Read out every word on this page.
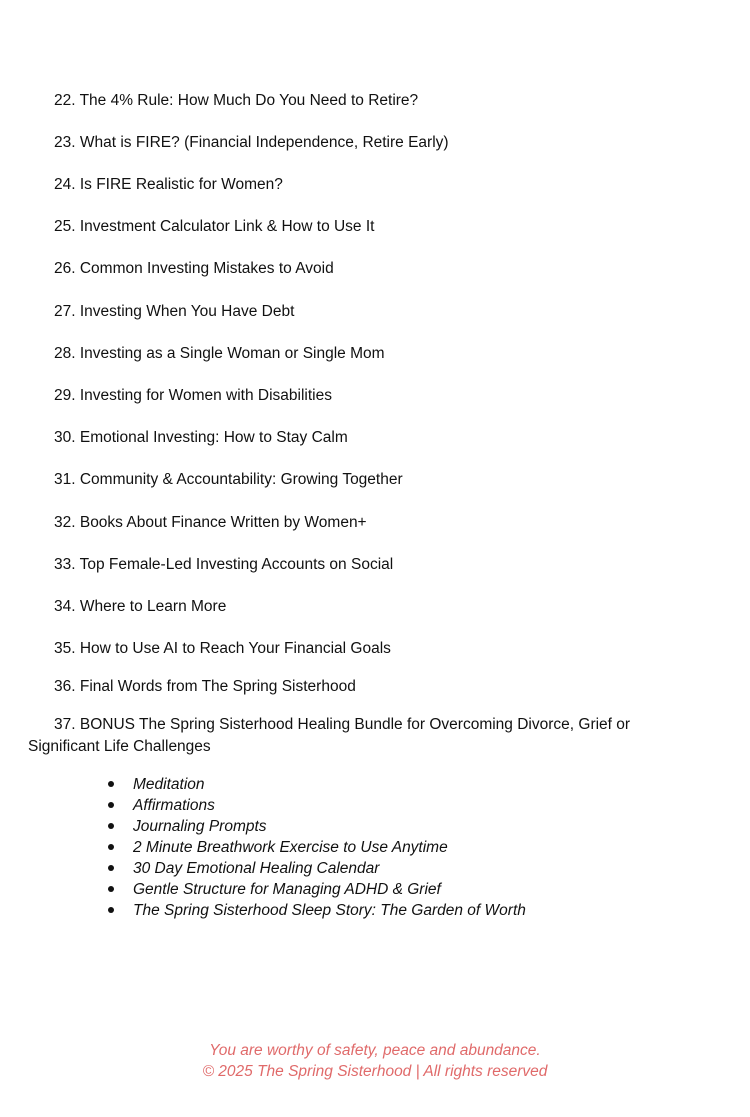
22. The 4% Rule: How Much Do You Need to Retire?
23. What is FIRE? (Financial Independence, Retire Early)
24. Is FIRE Realistic for Women?
25. Investment Calculator Link & How to Use It
26. Common Investing Mistakes to Avoid
27. Investing When You Have Debt
28. Investing as a Single Woman or Single Mom
29. Investing for Women with Disabilities
30. Emotional Investing: How to Stay Calm
31. Community & Accountability: Growing Together
32. Books About Finance Written by Women+
33. Top Female-Led Investing Accounts on Social
34. Where to Learn More
35. How to Use AI to Reach Your Financial Goals
36. Final Words from The Spring Sisterhood
37. BONUS The Spring Sisterhood Healing Bundle for Overcoming Divorce, Grief or Significant Life Challenges
Meditation
Affirmations
Journaling Prompts
2 Minute Breathwork Exercise to Use Anytime
30 Day Emotional Healing Calendar
Gentle Structure for Managing ADHD & Grief
The Spring Sisterhood Sleep Story: The Garden of Worth
You are worthy of safety, peace and abundance.
© 2025 The Spring Sisterhood | All rights reserved
